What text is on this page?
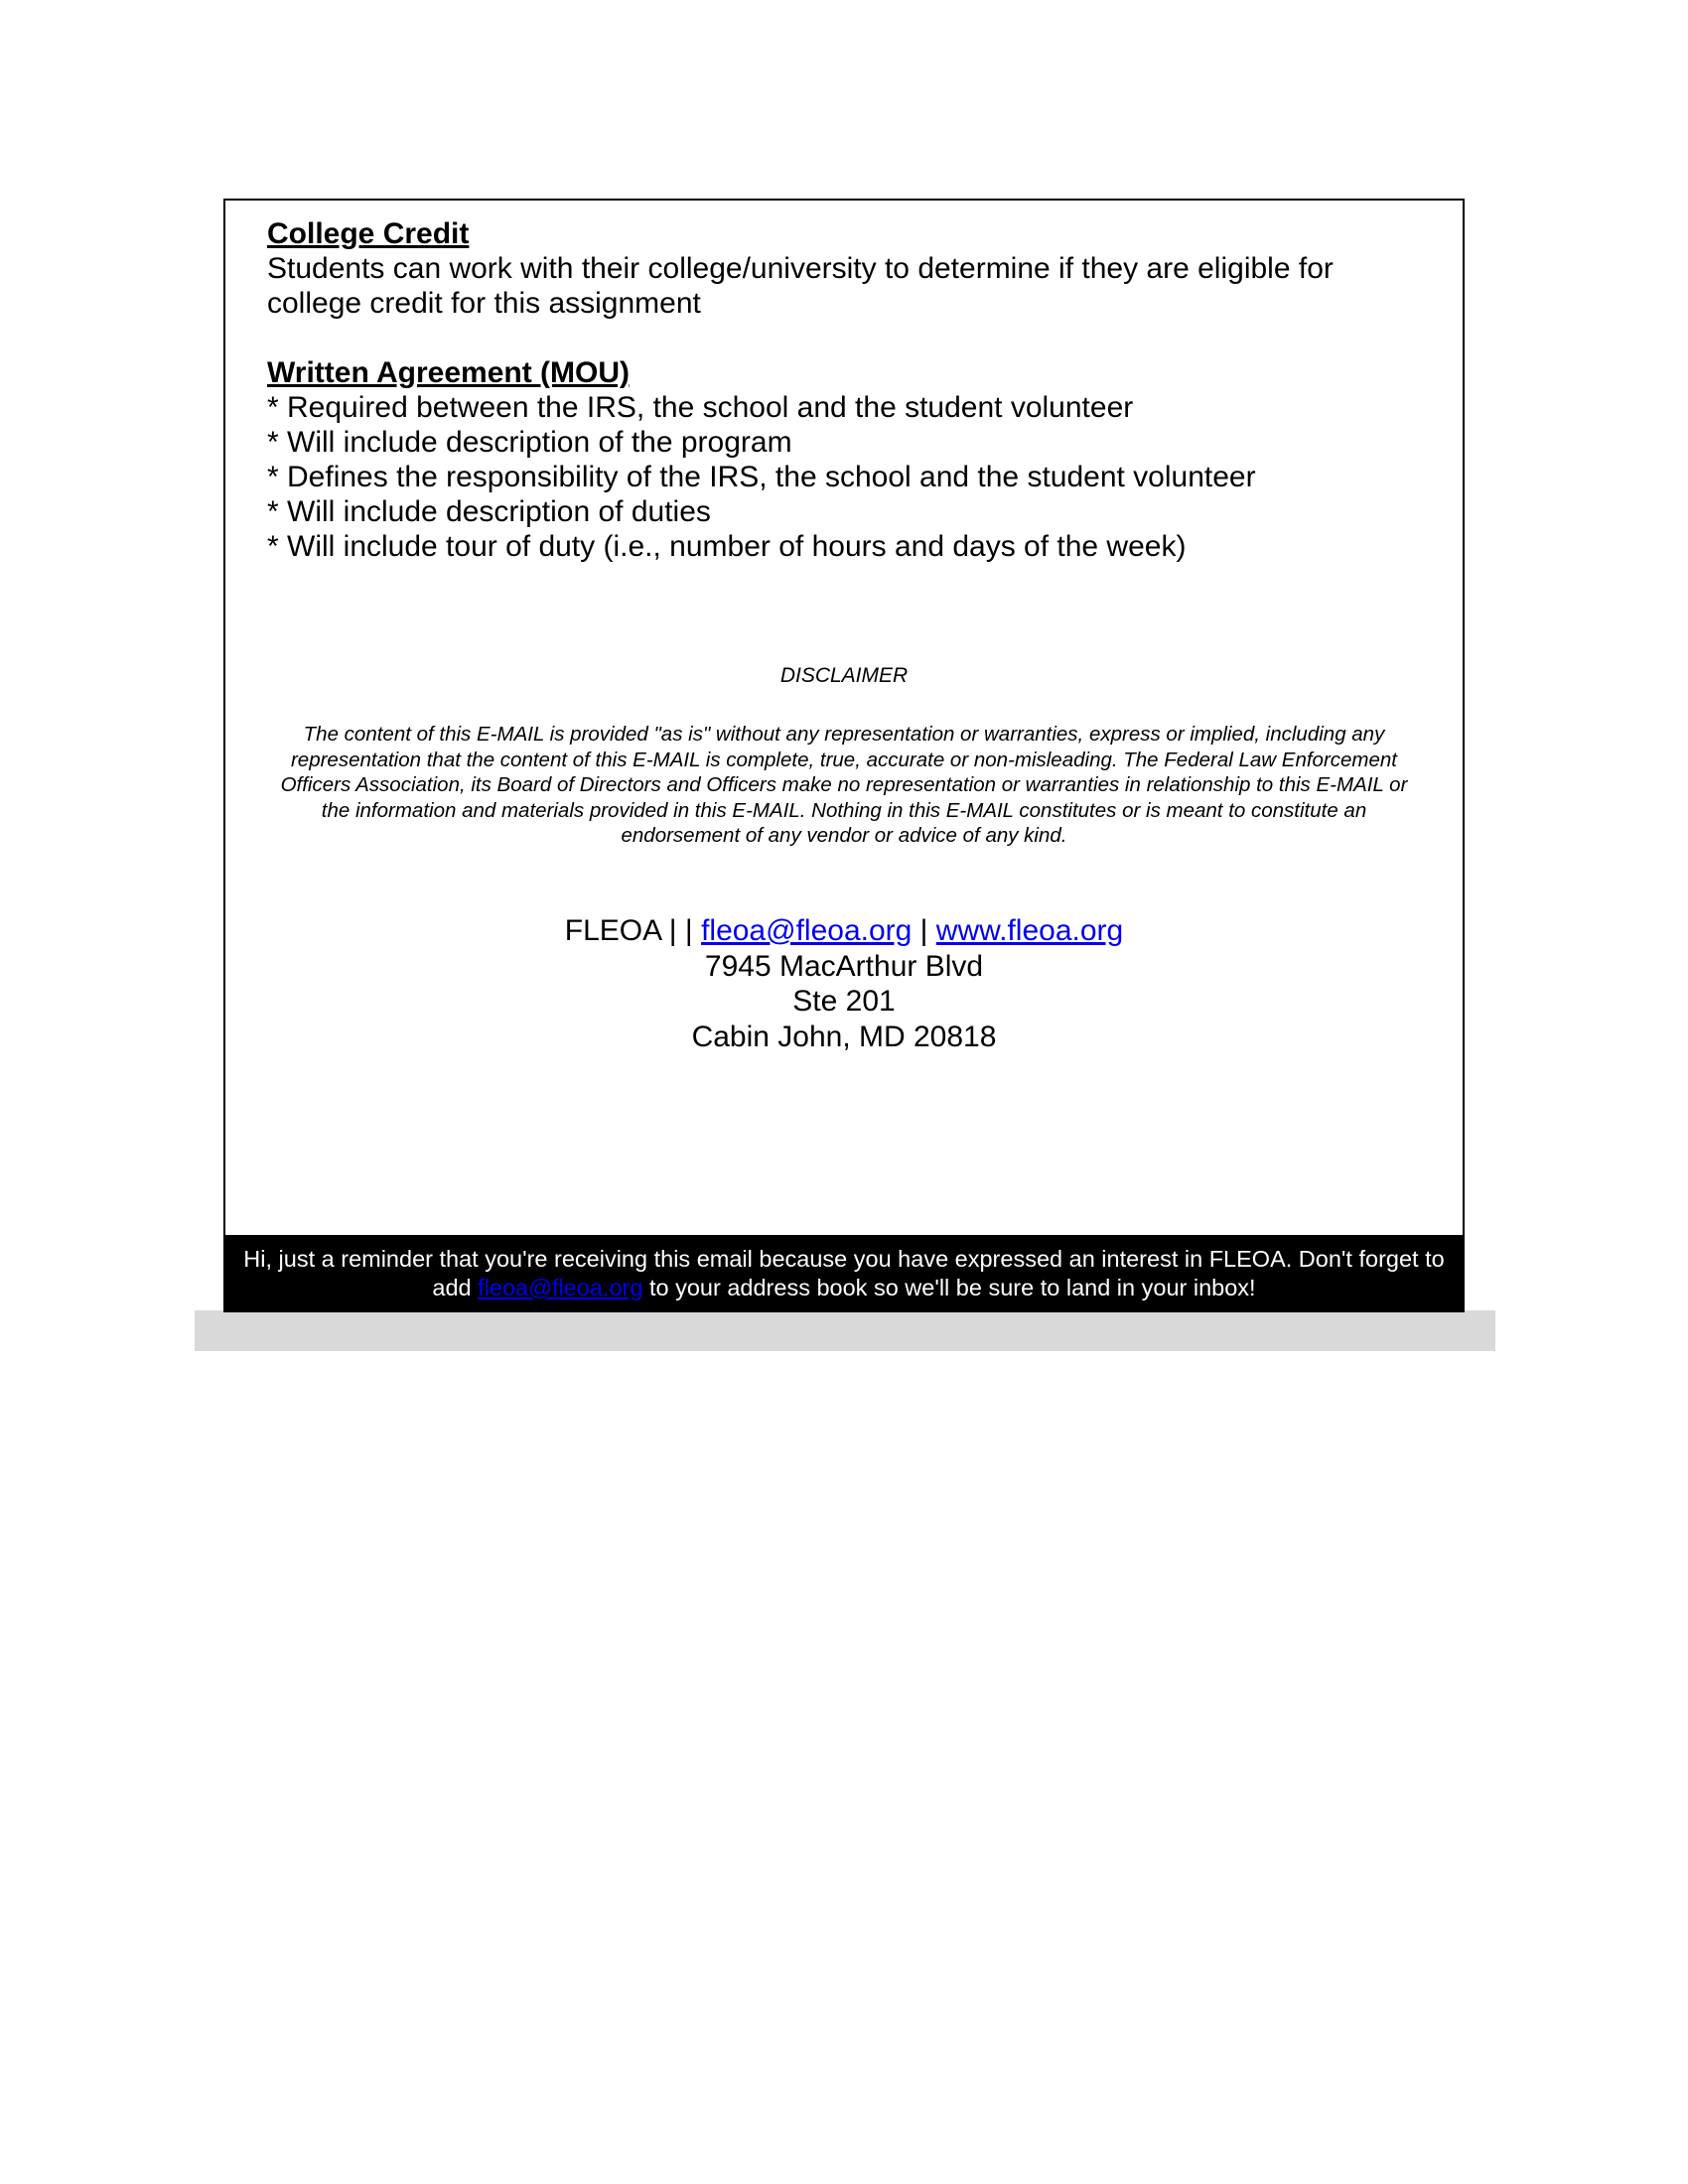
College Credit

Students can work with their college/university to determine if they are eligible for college credit for this assignment

Written Agreement (MOU)

* Required between the IRS, the school and the student volunteer

* Will include description of the program

* Defines the responsibility of the IRS, the school and the student volunteer

* Will include description of duties

* Will include tour of duty (i.e., number of hours and days of the week)

DISCLAIMER
The content of this E-MAIL is provided "as is" without any representation or warranties, express or implied, including any representation that the content of this E-MAIL is complete, true, accurate or non-misleading. The Federal Law Enforcement Officers Association, its Board of Directors and Officers make no representation or warranties in relationship to this E-MAIL or the information and materials provided in this E-MAIL. Nothing in this E-MAIL constitutes or is meant to constitute an endorsement of any vendor or advice of any kind.
FLEOA | | fleoa@fleoa.org | www.fleoa.org
7945 MacArthur Blvd
Ste 201
Cabin John, MD 20818
Hi, just a reminder that you're receiving this email because you have expressed an interest in FLEOA. Don't forget to add fleoa@fleoa.org to your address book so we'll be sure to land in your inbox!
